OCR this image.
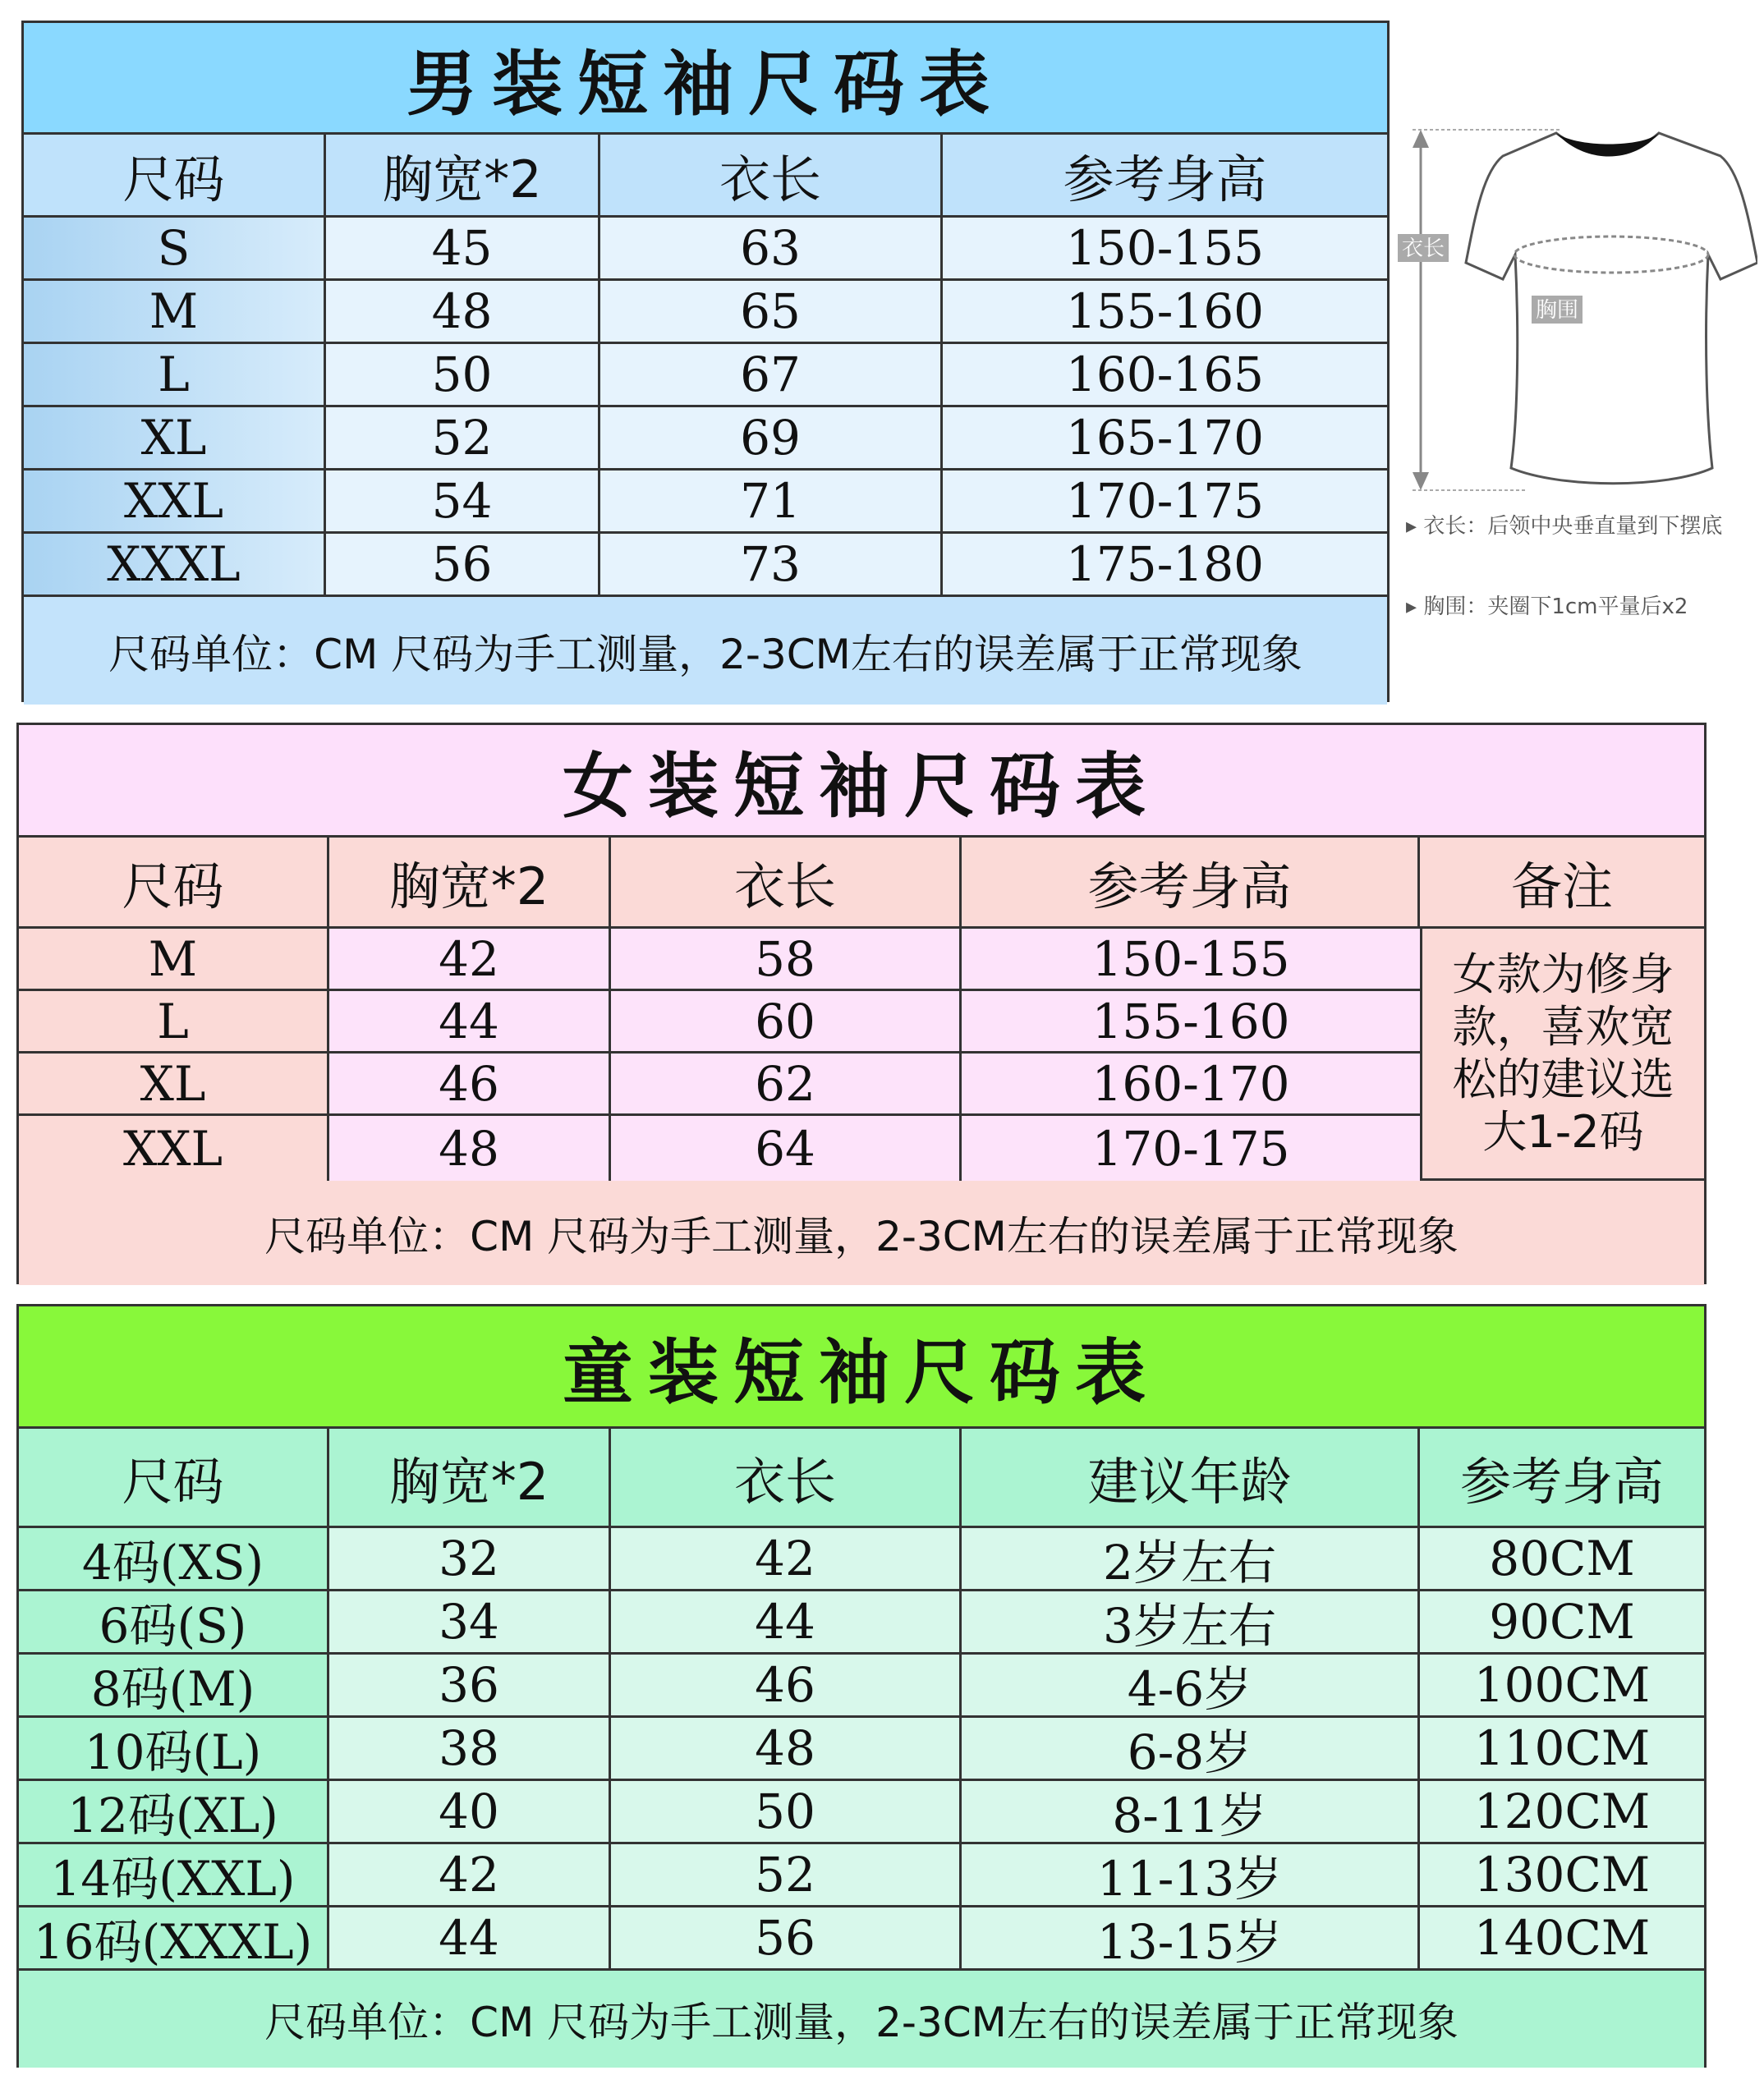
男装短袖尺码表
尺码	胸宽*2	衣长	参考身高
S	45	63	150-155
M	48	65	155-160
L	50	67	160-165
XL	52	69	165-170
XXL	54	71	170-175
XXXL	56	73	175-180
尺码单位：CM 尺码为手工测量，2-3CM左右的误差属于正常现象
衣长
胸围
▸ 衣长：后领中央垂直量到下摆底
▸ 胸围：夹圈下1cm平量后x2
女装短袖尺码表
尺码	胸宽*2	衣长	参考身高	备注
M	42	58	150-155
L	44	60	155-160
XL	46	62	160-170
XXL	48	64	170-175
女款为修身款，喜欢宽松的建议选大1-2码
尺码单位：CM 尺码为手工测量，2-3CM左右的误差属于正常现象
童装短袖尺码表
尺码	胸宽*2	衣长	建议年龄	参考身高
4码(XS)	32	42	2岁左右	80CM
6码(S)	34	44	3岁左右	90CM
8码(M)	36	46	4-6岁	100CM
10码(L)	38	48	6-8岁	110CM
12码(XL)	40	50	8-11岁	120CM
14码(XXL)	42	52	11-13岁	130CM
16码(XXXL)	44	56	13-15岁	140CM
尺码单位：CM 尺码为手工测量，2-3CM左右的误差属于正常现象
